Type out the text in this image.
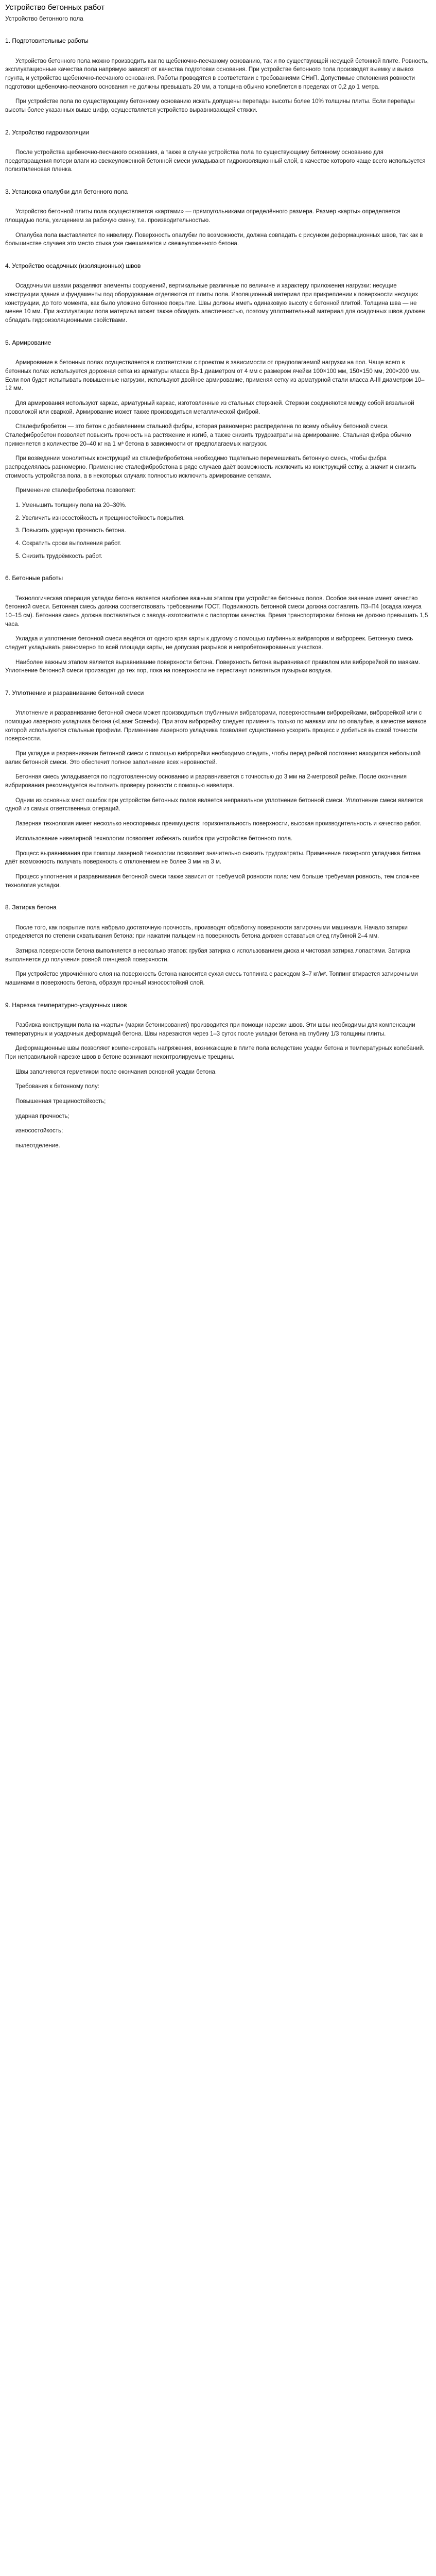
Устройство бетонных работ
Устройство бетонного пола
1. Подготовительные работы

Устройство бетонного пола можно производить как по щебеночно-песчаному основанию, так и по существующей несущей бетонной плите. Ровность, эксплуатационные качества пола напрямую зависят от качества подготовки основания. При устройстве бетонного пола производят выемку и вывоз грунта, и устройство щебеночно-песчаного основания. Работы проводятся в соответствии с требованиями СНиП. Допустимые отклонения ровности подготовки щебеночно-песчаного основания не должны превышать 20 мм, а толщина обычно колеблется в пределах от 0,2 до 1 метра.

При устройстве пола по существующему бетонному основанию искать допущены перепады высоты более 10% толщины плиты. Если перепады высоты более указанных выше цифр, осуществляется устройство выравнивающей стяжки.

2. Устройство гидроизоляции

После устройства щебеночно-песчаного основания, а также в случае устройства пола по существующему бетонному основанию для предотвращения потери влаги из свежеуложенной бетонной смеси укладывают гидроизоляционный слой, в качестве которого чаще всего используется полиэтиленовая пленка.

3. Установка опалубки для бетонного пола

Устройство бетонной плиты пола осуществляется «картами» — прямоугольниками определённого размера. Размер «карты» определяется площадью пола, ухищением за рабочую смену, т.е. производительностью.

Опалубка пола выставляется по нивелиру. Поверхность опалубки по возможности, должна совпадать с рисунком деформационных швов, так как в большинстве случаев это место стыка уже смешивается и свежеуложенного бетона.

4. Устройство осадочных (изоляционных) швов

Осадочными швами разделяют элементы сооружений, вертикальные различные по величине и характеру приложения нагрузки: несущие конструкции здания и фундаменты под оборудование отделяются от плиты пола. Изоляционный материал при прикреплении к поверхности несущих конструкции, до того момента, как было уложено бетонное покрытие. Швы должны иметь одинаковую высоту с бетонной плитой. Толщина шва — не менее 10 мм. При эксплуатации пола материал может также обладать эластичностью, поэтому уплотнительный материал для осадочных швов должен обладать гидроизоляционными свойствами.

5. Армирование

Армирование в бетонных полах осуществляется в соответствии с проектом в зависимости от предполагаемой нагрузки на пол. Чаще всего в бетонных полах используется дорожная сетка из арматуры класса Вр-1 диаметром от 4 мм с размером ячейки 100×100 мм, 150×150 мм, 200×200 мм. Если пол будет испытывать повышенные нагрузки, используют двойное армирование, применяя сетку из арматурной стали класса А-III диаметром 10–12 мм.

Для армирования используют каркас, арматурный каркас, изготовленные из стальных стержней. Стержни соединяются между собой вязальной проволокой или сваркой. Армирование может также производиться металлической фиброй.

Сталефибробетон — это бетон с добавлением стальной фибры, которая равномерно распределена по всему объёму бетонной смеси. Сталефибробетон позволяет повысить прочность на растяжение и изгиб, а также снизить трудозатраты на армирование. Стальная фибра обычно применяется в количестве 20–40 кг на 1 м³ бетона в зависимости от предполагаемых нагрузок.

При возведении монолитных конструкций из сталефибробетона необходимо тщательно перемешивать бетонную смесь, чтобы фибра распределялась равномерно. Применение сталефибробетона в ряде случаев даёт возможность исключить из конструкций сетку, а значит и снизить стоимость устройства пола, а в некоторых случаях полностью исключить армирование сетками.

Применение сталефибробетона позволяет:

1. Уменьшить толщину пола на 20–30%.

2. Увеличить износостойкость и трещиностойкость покрытия.

3. Повысить ударную прочность бетона.

4. Сократить сроки выполнения работ.

5. Снизить трудоёмкость работ.

6. Бетонные работы

Технологическая операция укладки бетона является наиболее важным этапом при устройстве бетонных полов. Особое значение имеет качество бетонной смеси. Бетонная смесь должна соответствовать требованиям ГОСТ. Подвижность бетонной смеси должна составлять П3–П4 (осадка конуса 10–15 см). Бетонная смесь должна поставляться с завода-изготовителя с паспортом качества. Время транспортировки бетона не должно превышать 1,5 часа.

Укладка и уплотнение бетонной смеси ведётся от одного края карты к другому с помощью глубинных вибраторов и виброреек. Бетонную смесь следует укладывать равномерно по всей площади карты, не допуская разрывов и непробетонированных участков.

Наиболее важным этапом является выравнивание поверхности бетона. Поверхность бетона выравнивают правилом или виброрейкой по маякам. Уплотнение бетонной смеси производят до тех пор, пока на поверхности не перестанут появляться пузырьки воздуха.

7. Уплотнение и разравнивание бетонной смеси

Уплотнение и разравнивание бетонной смеси может производиться глубинными вибраторами, поверхностными виброрейками, виброрейкой или с помощью лазерного укладчика бетона («Laser Screed»). При этом виброрейку следует применять только по маякам или по опалубке, в качестве маяков которой используются стальные профили. Применение лазерного укладчика позволяет существенно ускорить процесс и добиться высокой точности поверхности.

При укладке и разравнивании бетонной смеси с помощью виброрейки необходимо следить, чтобы перед рейкой постоянно находился небольшой валик бетонной смеси. Это обеспечит полное заполнение всех неровностей.

Бетонная смесь укладывается по подготовленному основанию и разравнивается с точностью до 3 мм на 2-метровой рейке. После окончания вибрирования рекомендуется выполнить проверку ровности с помощью нивелира.

Одним из основных мест ошибок при устройстве бетонных полов является неправильное уплотнение бетонной смеси. Уплотнение смеси является одной из самых ответственных операций.

Лазерная технология имеет несколько неоспоримых преимуществ: горизонтальность поверхности, высокая производительность и качество работ.

Использование нивелирной технологии позволяет избежать ошибок при устройстве бетонного пола.

Процесс выравнивания при помощи лазерной технологии позволяет значительно снизить трудозатраты. Применение лазерного укладчика бетона даёт возможность получать поверхность с отклонением не более 3 мм на 3 м.

Процесс уплотнения и разравнивания бетонной смеси также зависит от требуемой ровности пола: чем больше требуемая ровность, тем сложнее технология укладки.

8. Затирка бетона

После того, как покрытие пола набрало достаточную прочность, производят обработку поверхности затирочными машинами. Начало затирки определяется по степени схватывания бетона: при нажатии пальцем на поверхность бетона должен оставаться след глубиной 2–4 мм.

Затирка поверхности бетона выполняется в несколько этапов: грубая затирка с использованием диска и чистовая затирка лопастями. Затирка выполняется до получения ровной глянцевой поверхности.

При устройстве упрочнённого слоя на поверхность бетона наносится сухая смесь топпинга с расходом 3–7 кг/м². Топпинг втирается затирочными машинами в поверхность бетона, образуя прочный износостойкий слой.

9. Нарезка температурно-усадочных швов

Разбивка конструкции пола на «карты» (марки бетонирования) производится при помощи нарезки швов. Эти швы необходимы для компенсации температурных и усадочных деформаций бетона. Швы нарезаются через 1–3 суток после укладки бетона на глубину 1/3 толщины плиты.

Деформационные швы позволяют компенсировать напряжения, возникающие в плите пола вследствие усадки бетона и температурных колебаний. При неправильной нарезке швов в бетоне возникают неконтролируемые трещины.

Швы заполняются герметиком после окончания основной усадки бетона.

Требования к бетонному полу:

Повышенная трещиностойкость;

ударная прочность;

износостойкость;

пылеотделение.
